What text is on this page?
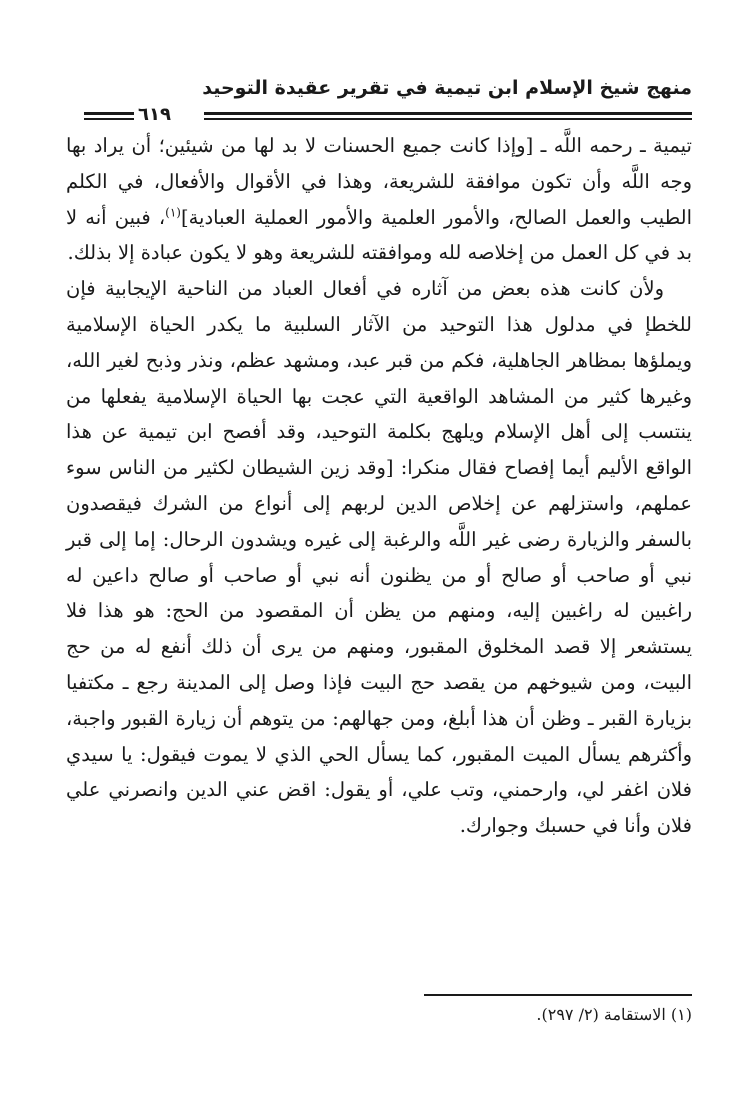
منهج شيخ الإسلام ابن تيمية في تقرير عقيدة التوحيد
٦١٩

تيمية ـ رحمه اللَّه ـ [وإذا كانت جميع الحسنات لا بد لها من شيئين؛ أن يراد بها وجه اللَّه وأن تكون موافقة للشريعة، وهذا في الأقوال والأفعال، في الكلم الطيب والعمل الصالح، والأمور العلمية والأمور العملية العبادية]$^{(١)}$، فبين أنه لا بد في كل العمل من إخلاصه لله وموافقته للشريعة وهو لا يكون عبادة إلا بذلك.

ولأن كانت هذه بعض من آثاره في أفعال العباد من الناحية الإيجابية فإن للخطإ في مدلول هذا التوحيد من الآثار السلبية ما يكدر الحياة الإسلامية ويملؤها بمظاهر الجاهلية، فكم من قبر عبد، ومشهد عظم، ونذر وذبح لغير الله، وغيرها كثير من المشاهد الواقعية التي عجت بها الحياة الإسلامية يفعلها من ينتسب إلى أهل الإسلام ويلهج بكلمة التوحيد، وقد أفصح ابن تيمية عن هذا الواقع الأليم أيما إفصاح فقال منكرا: [وقد زين الشيطان لكثير من الناس سوء عملهم، واستزلهم عن إخلاص الدين لربهم إلى أنواع من الشرك فيقصدون بالسفر والزيارة رضى غير اللَّه والرغبة إلى غيره ويشدون الرحال: إما إلى قبر نبي أو صاحب أو صالح أو من يظنون أنه نبي أو صاحب أو صالح داعين له راغبين له راغبين إليه، ومنهم من يظن أن المقصود من الحج: هو هذا فلا يستشعر إلا قصد المخلوق المقبور، ومنهم من يرى أن ذلك أنفع له من حج البيت، ومن شيوخهم من يقصد حج البيت فإذا وصل إلى المدينة رجع ـ مكتفيا بزيارة القبر ـ وظن أن هذا أبلغ، ومن جهالهم: من يتوهم أن زيارة القبور واجبة، وأكثرهم يسأل الميت المقبور، كما يسأل الحي الذي لا يموت فيقول: يا سيدي فلان اغفر لي، وارحمني، وتب علي، أو يقول: اقض عني الدين وانصرني علي فلان وأنا في حسبك وجوارك.

(١) الاستقامة (٢/ ٢٩٧).
